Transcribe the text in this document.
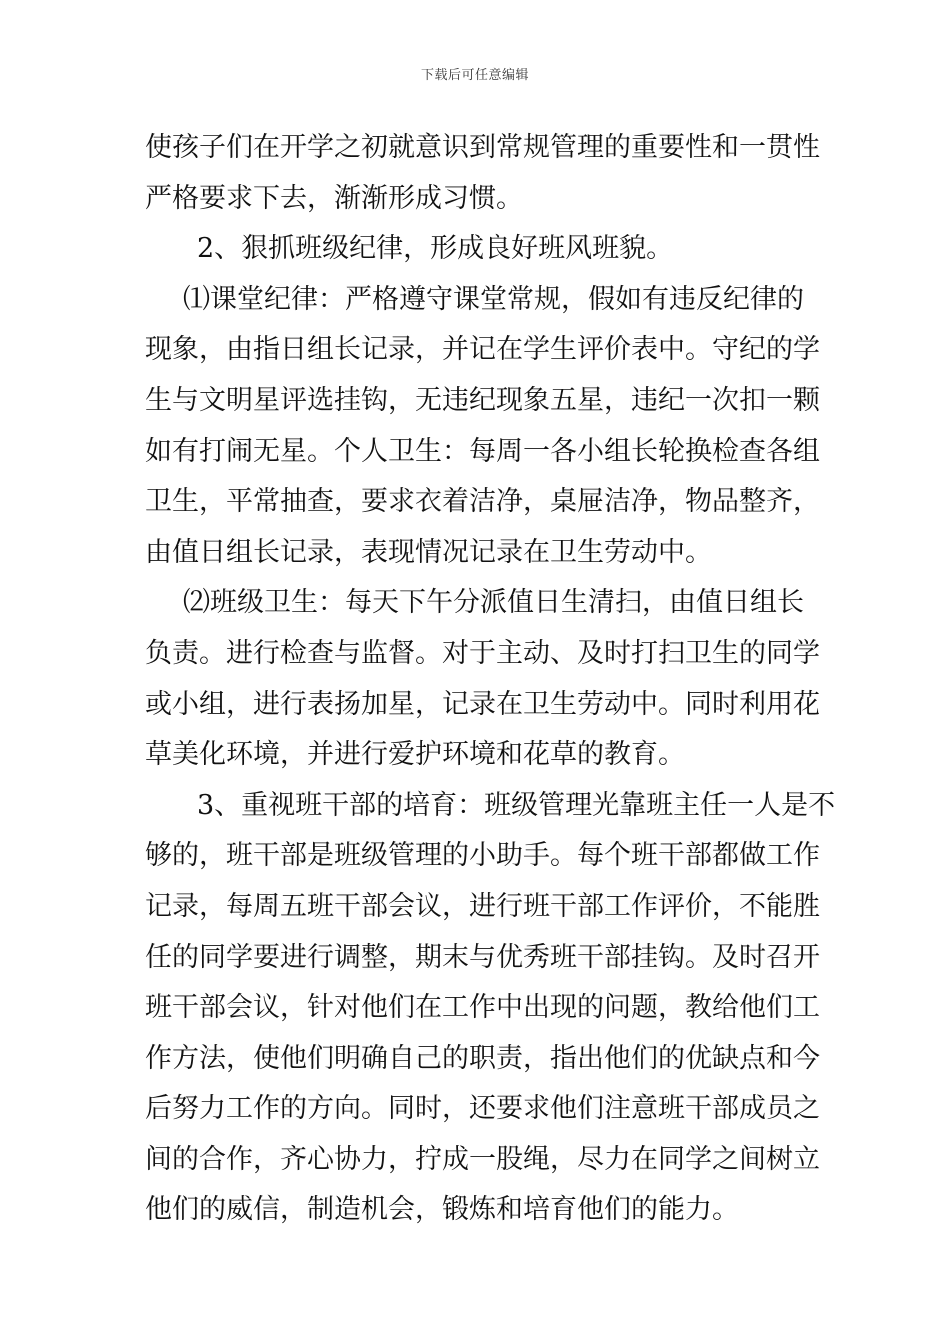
下载后可任意编辑
使孩子们在开学之初就意识到常规管理的重要性和一贯性
严格要求下去，渐渐形成习惯。
2、狠抓班级纪律，形成良好班风班貌。
⑴课堂纪律：严格遵守课堂常规，假如有违反纪律的
现象，由指日组长记录，并记在学生评价表中。守纪的学
生与文明星评选挂钩，无违纪现象五星，违纪一次扣一颗
如有打闹无星。个人卫生：每周一各小组长轮换检查各组
卫生，平常抽查，要求衣着洁净，桌屉洁净，物品整齐，
由值日组长记录，表现情况记录在卫生劳动中。
⑵班级卫生：每天下午分派值日生清扫，由值日组长
负责。进行检查与监督。对于主动、及时打扫卫生的同学
或小组，进行表扬加星，记录在卫生劳动中。同时利用花
草美化环境，并进行爱护环境和花草的教育。
3、重视班干部的培育：班级管理光靠班主任一人是不
够的，班干部是班级管理的小助手。每个班干部都做工作
记录，每周五班干部会议，进行班干部工作评价，不能胜
任的同学要进行调整，期末与优秀班干部挂钩。及时召开
班干部会议，针对他们在工作中出现的问题，教给他们工
作方法，使他们明确自己的职责，指出他们的优缺点和今
后努力工作的方向。同时，还要求他们注意班干部成员之
间的合作，齐心协力，拧成一股绳，尽力在同学之间树立
他们的威信，制造机会，锻炼和培育他们的能力。
